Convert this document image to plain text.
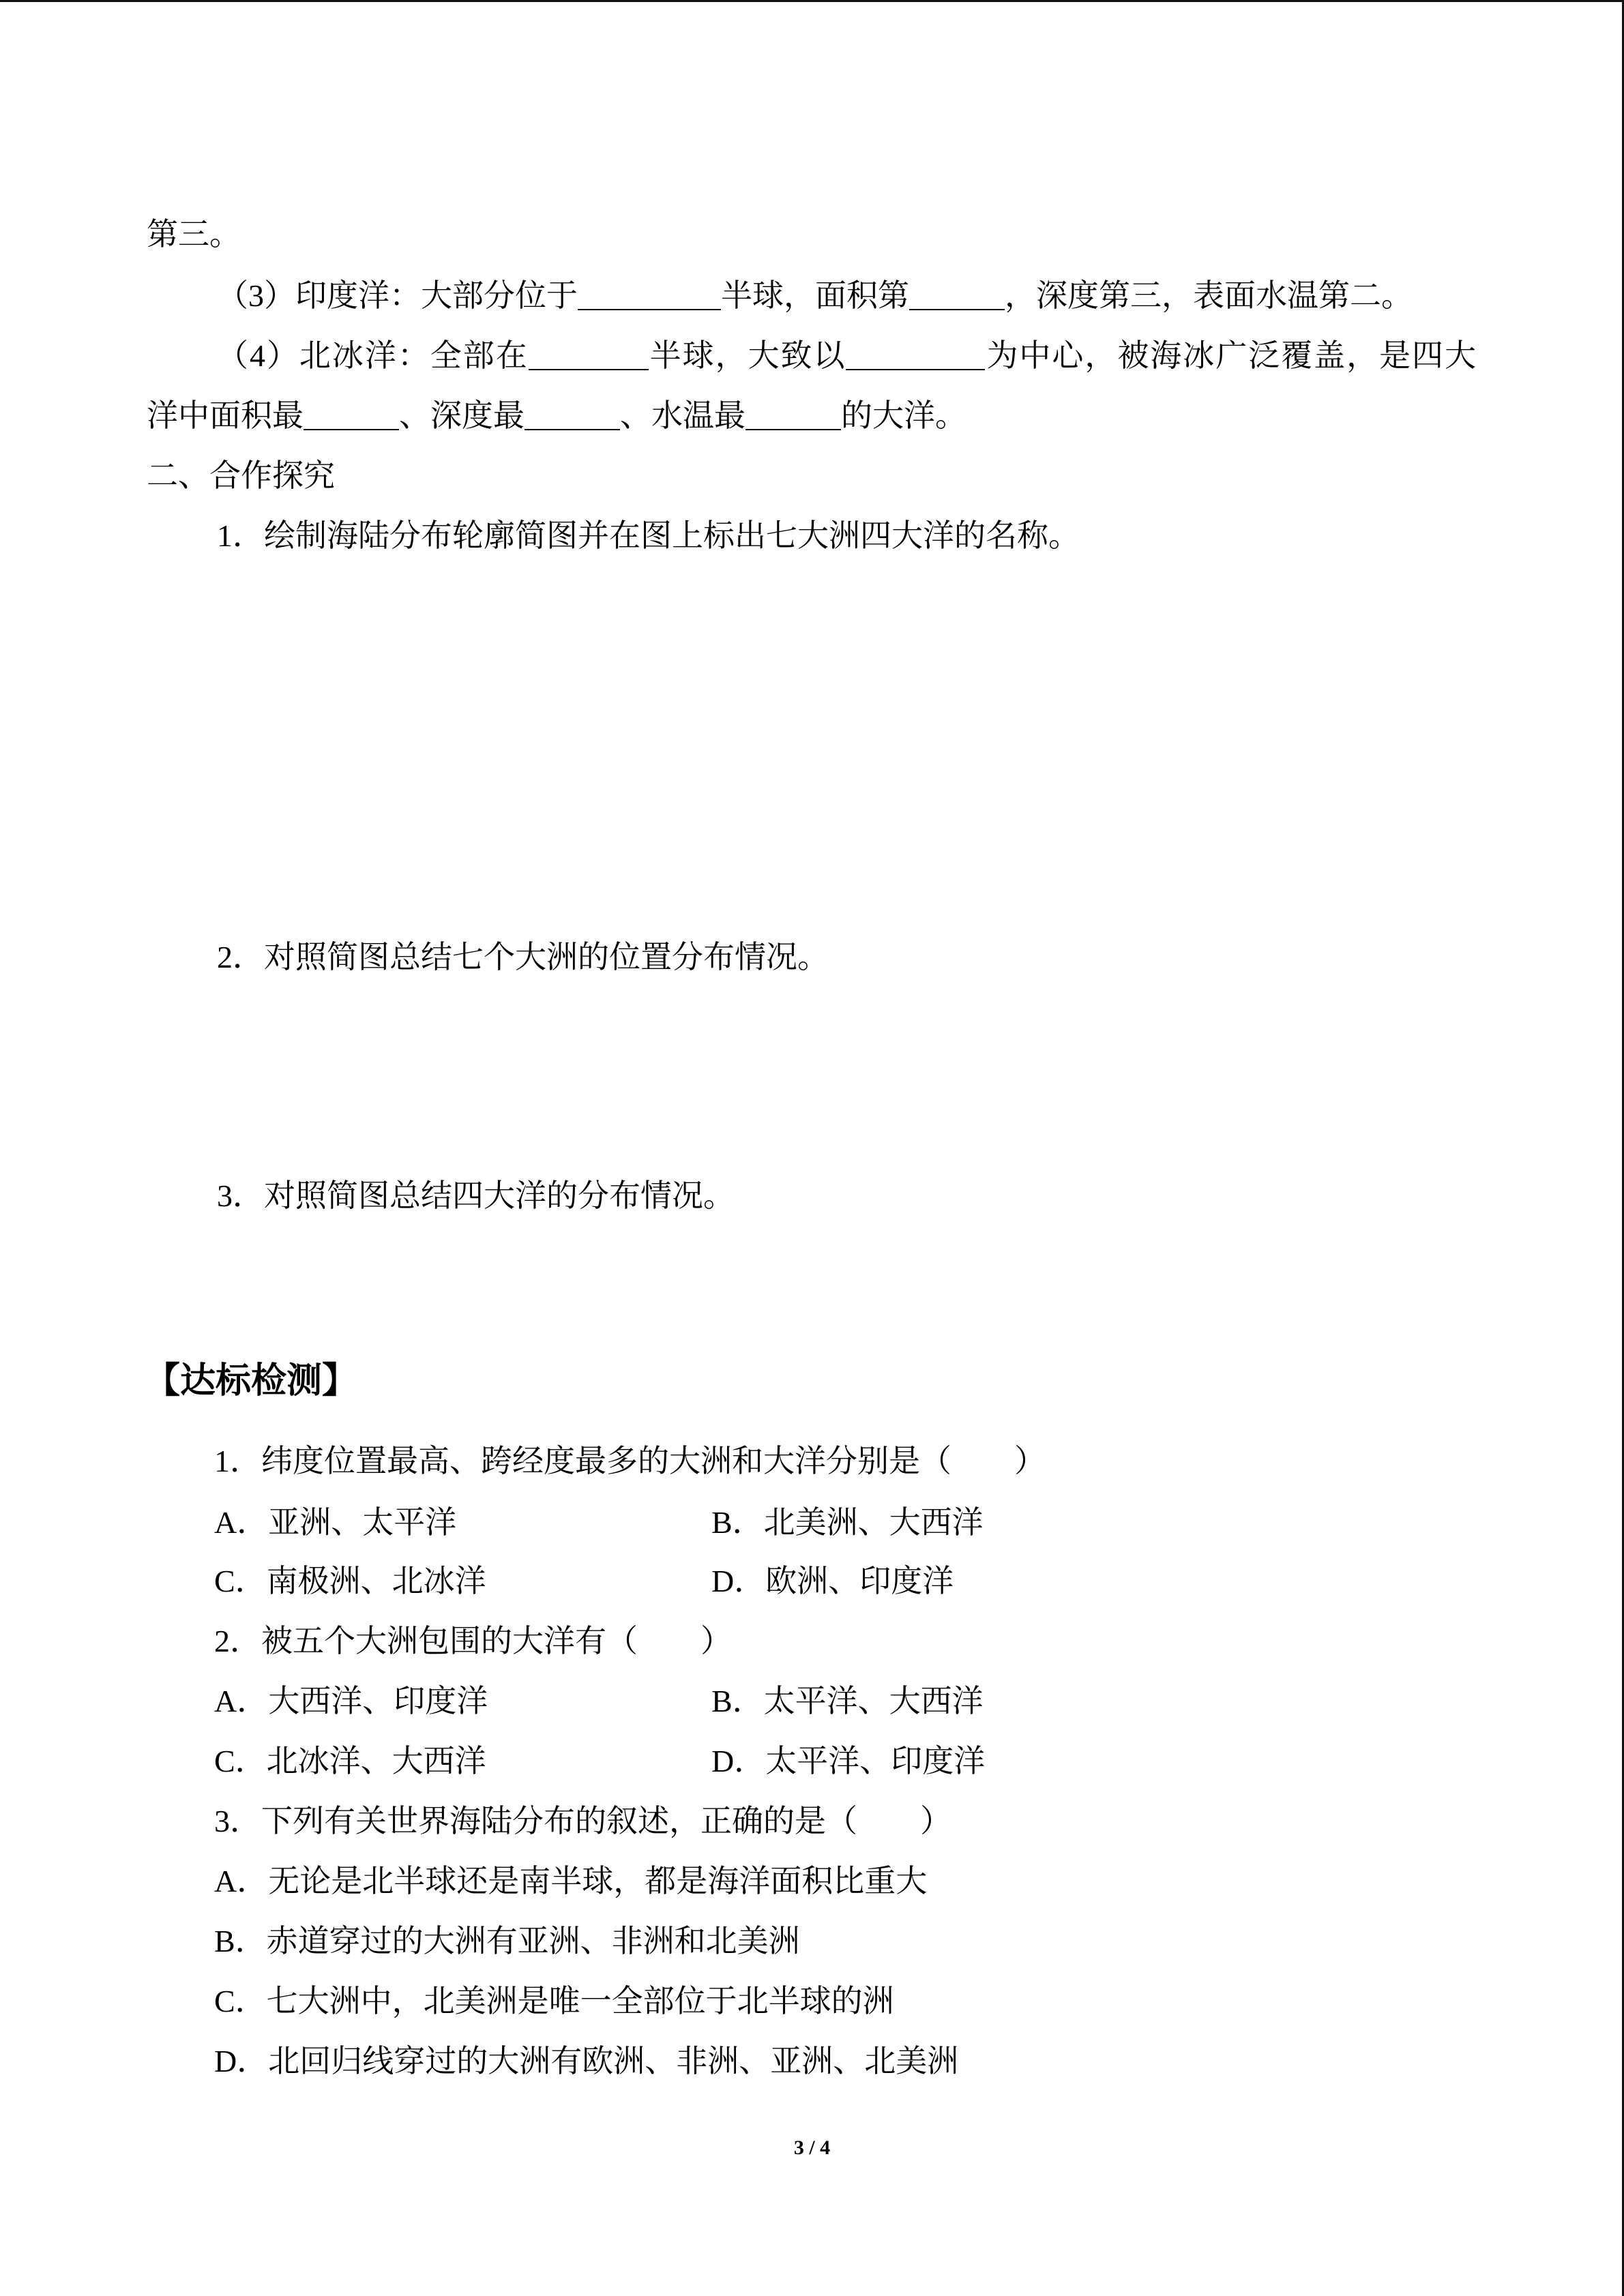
第三。
（3）印度洋：大部分位于	半球，面积第	，深度第三，表面水温第二。
（4）北冰洋：全部在	半球，大致以	为中心，被海冰广泛覆盖，是四大
洋中面积最	、深度最	、水温最	的大洋。
二、合作探究
1．绘制海陆分布轮廓简图并在图上标出七大洲四大洋的名称。
2．对照简图总结七个大洲的位置分布情况。
3．对照简图总结四大洋的分布情况。
【达标检测】
1．纬度位置最高、跨经度最多的大洲和大洋分别是（　　）
A．亚洲、太平洋	B．北美洲、大西洋
C．南极洲、北冰洋	D．欧洲、印度洋
2．被五个大洲包围的大洋有（　　）
A．大西洋、印度洋	B．太平洋、大西洋
C．北冰洋、大西洋	D．太平洋、印度洋
3．下列有关世界海陆分布的叙述，正确的是（　　）
A．无论是北半球还是南半球，都是海洋面积比重大
B．赤道穿过的大洲有亚洲、非洲和北美洲
C．七大洲中，北美洲是唯一全部位于北半球的洲
D．北回归线穿过的大洲有欧洲、非洲、亚洲、北美洲
3 / 4
